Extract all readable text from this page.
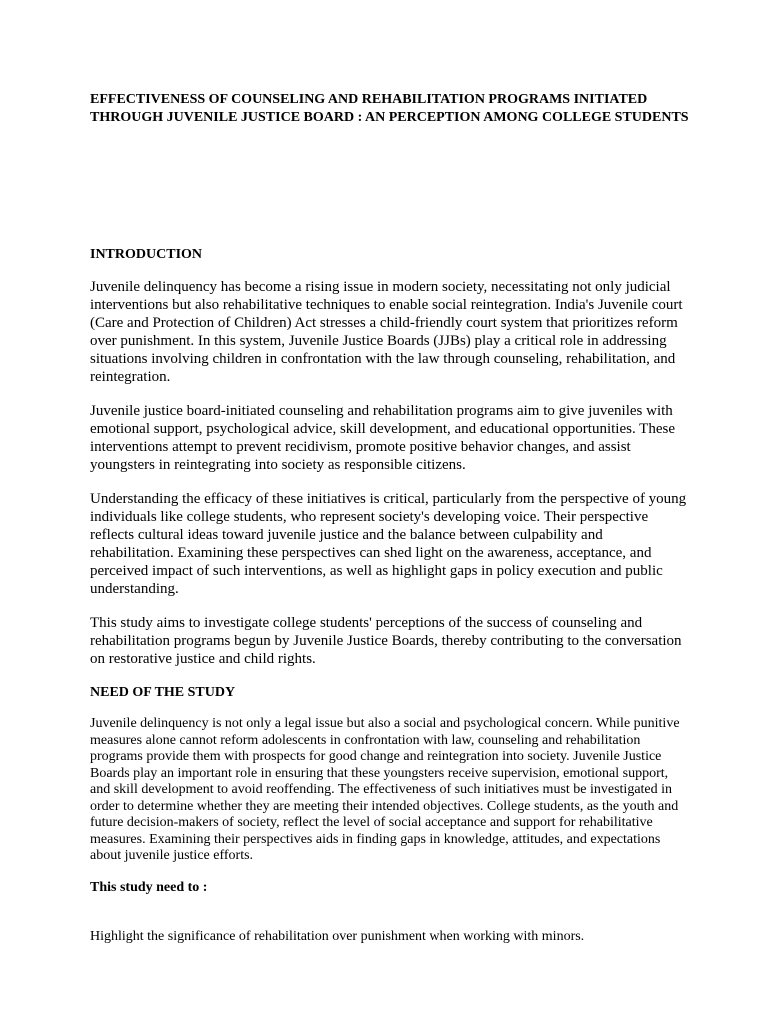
EFFECTIVENESS OF COUNSELING AND REHABILITATION PROGRAMS INITIATED THROUGH JUVENILE JUSTICE BOARD : AN PERCEPTION AMONG COLLEGE STUDENTS

INTRODUCTION

Juvenile delinquency has become a rising issue in modern society, necessitating not only judicial interventions but also rehabilitative techniques to enable social reintegration. India's Juvenile court (Care and Protection of Children) Act stresses a child-friendly court system that prioritizes reform over punishment. In this system, Juvenile Justice Boards (JJBs) play a critical role in addressing situations involving children in confrontation with the law through counseling, rehabilitation, and reintegration.

Juvenile justice board-initiated counseling and rehabilitation programs aim to give juveniles with emotional support, psychological advice, skill development, and educational opportunities. These interventions attempt to prevent recidivism, promote positive behavior changes, and assist youngsters in reintegrating into society as responsible citizens.

Understanding the efficacy of these initiatives is critical, particularly from the perspective of young individuals like college students, who represent society's developing voice. Their perspective reflects cultural ideas toward juvenile justice and the balance between culpability and rehabilitation. Examining these perspectives can shed light on the awareness, acceptance, and perceived impact of such interventions, as well as highlight gaps in policy execution and public understanding.

This study aims to investigate college students' perceptions of the success of counseling and rehabilitation programs begun by Juvenile Justice Boards, thereby contributing to the conversation on restorative justice and child rights.

NEED OF THE STUDY

Juvenile delinquency is not only a legal issue but also a social and psychological concern. While punitive measures alone cannot reform adolescents in confrontation with law, counseling and rehabilitation programs provide them with prospects for good change and reintegration into society. Juvenile Justice Boards play an important role in ensuring that these youngsters receive supervision, emotional support, and skill development to avoid reoffending. The effectiveness of such initiatives must be investigated in order to determine whether they are meeting their intended objectives. College students, as the youth and future decision-makers of society, reflect the level of social acceptance and support for rehabilitative measures. Examining their perspectives aids in finding gaps in knowledge, attitudes, and expectations about juvenile justice efforts.

This study need to :

Highlight the significance of rehabilitation over punishment when working with minors.
